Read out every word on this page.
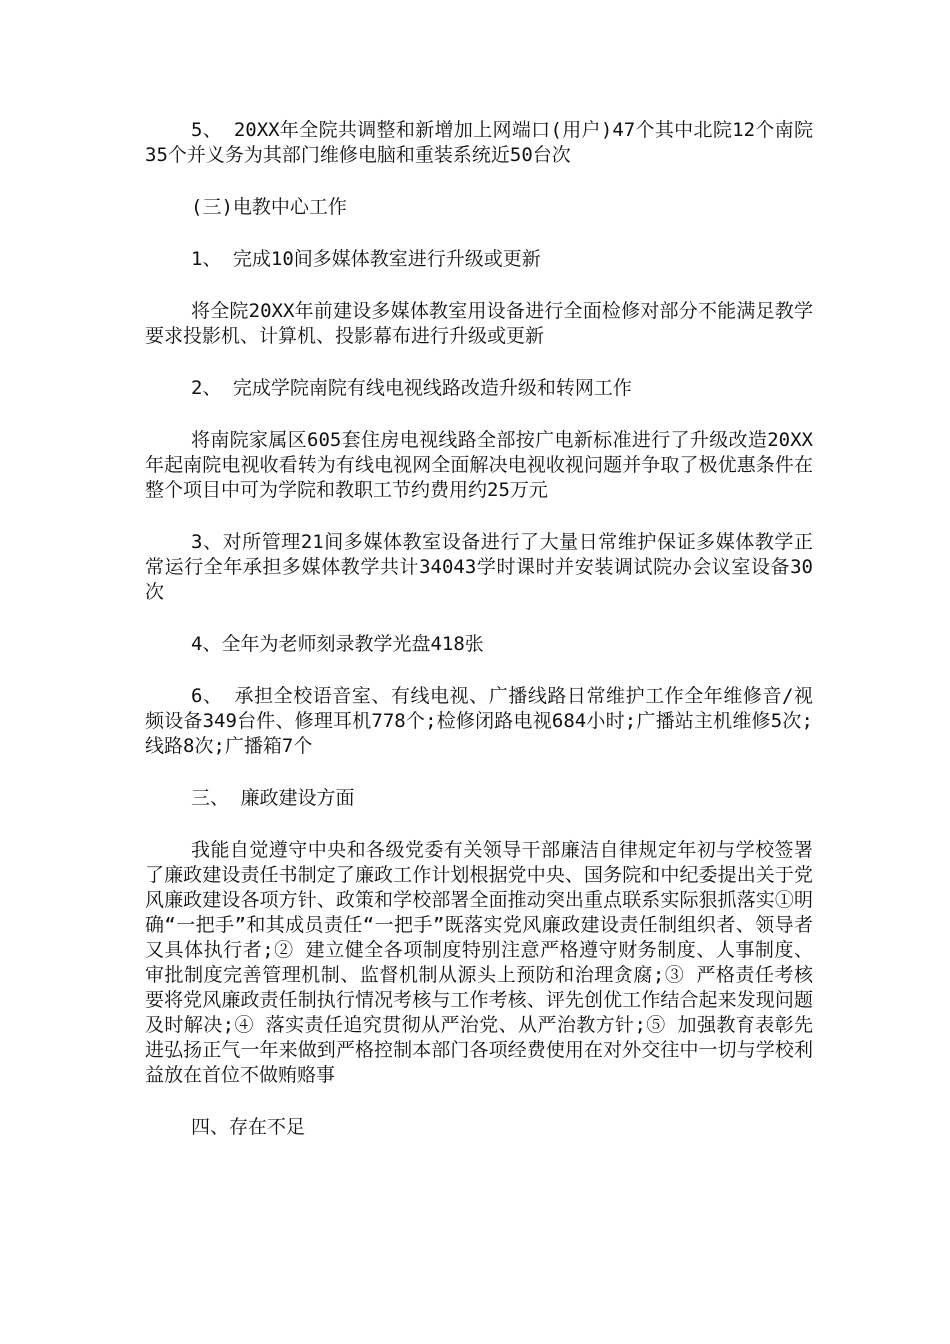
5、 20XX年全院共调整和新增加上网端口(用户)47个其中北院12个南院35个并义务为其部门维修电脑和重装系统近50台次

(三)电教中心工作

1、 完成10间多媒体教室进行升级或更新

将全院20XX年前建设多媒体教室用设备进行全面检修对部分不能满足教学要求投影机、计算机、投影幕布进行升级或更新

2、 完成学院南院有线电视线路改造升级和转网工作

将南院家属区605套住房电视线路全部按广电新标准进行了升级改造20XX年起南院电视收看转为有线电视网全面解决电视收视问题并争取了极优惠条件在整个项目中可为学院和教职工节约费用约25万元

3、对所管理21间多媒体教室设备进行了大量日常维护保证多媒体教学正常运行全年承担多媒体教学共计34043学时课时并安装调试院办会议室设备30次

4、全年为老师刻录教学光盘418张

6、 承担全校语音室、有线电视、广播线路日常维护工作全年维修音/视频设备349台件、修理耳机778个;检修闭路电视684小时;广播站主机维修5次;线路8次;广播箱7个

三、 廉政建设方面

我能自觉遵守中央和各级党委有关领导干部廉洁自律规定年初与学校签署了廉政建设责任书制定了廉政工作计划根据党中央、国务院和中纪委提出关于党风廉政建设各项方针、政策和学校部署全面推动突出重点联系实际狠抓落实①明确“一把手”和其成员责任“一把手”既落实党风廉政建设责任制组织者、领导者又具体执行者;② 建立健全各项制度特别注意严格遵守财务制度、人事制度、审批制度完善管理机制、监督机制从源头上预防和治理贪腐;③ 严格责任考核要将党风廉政责任制执行情况考核与工作考核、评先创优工作结合起来发现问题及时解决;④ 落实责任追究贯彻从严治党、从严治教方针;⑤ 加强教育表彰先进弘扬正气一年来做到严格控制本部门各项经费使用在对外交往中一切与学校利益放在首位不做贿赂事

四、存在不足
